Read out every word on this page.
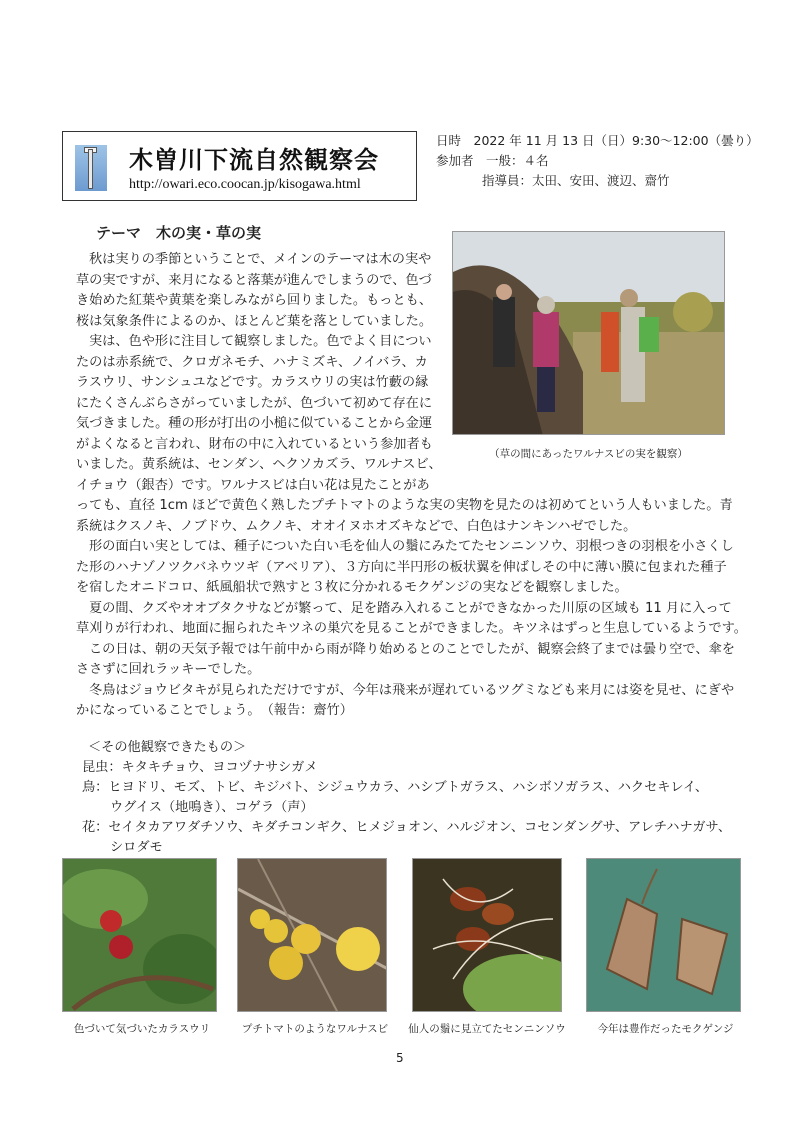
木曽川下流自然観察会
http://owari.eco.coocan.jp/kisogawa.html
日時　2022 年 11 月 13 日（日）9:30～12:00（曇り）
参加者　一般：４名
指導員：太田、安田、渡辺、齋竹
テーマ　木の実・草の実
秋は実りの季節ということで、メインのテーマは木の実や
草の実ですが、来月になると落葉が進んでしまうので、色づ
き始めた紅葉や黄葉を楽しみながら回りました。もっとも、
桜は気象条件によるのか、ほとんど葉を落としていました。
実は、色や形に注目して観察しました。色でよく目につい
たのは赤系統で、クロガネモチ、ハナミズキ、ノイバラ、カ
ラスウリ、サンシュユなどです。カラスウリの実は竹藪の縁
にたくさんぶらさがっていましたが、色づいて初めて存在に
気づきました。種の形が打出の小槌に似ていることから金運
がよくなると言われ、財布の中に入れているという参加者も
いました。黄系統は、センダン、ヘクソカズラ、ワルナスビ、
イチョウ（銀杏）です。ワルナスビは白い花は見たことがあ
（草の間にあったワルナスビの実を観察）
っても、直径 1cm ほどで黄色く熟したプチトマトのような実の実物を見たのは初めてという人もいました。青
系統はクスノキ、ノブドウ、ムクノキ、オオイヌホオズキなどで、白色はナンキンハゼでした。
形の面白い実としては、種子についた白い毛を仙人の鬚にみたてたセンニンソウ、羽根つきの羽根を小さくし
た形のハナゾノツクバネウツギ（アベリア）、３方向に半円形の板状翼を伸ばしその中に薄い膜に包まれた種子
を宿したオニドコロ、紙風船状で熟すと３枚に分かれるモクゲンジの実などを観察しました。
夏の間、クズやオオブタクサなどが繁って、足を踏み入れることができなかった川原の区域も 11 月に入って
草刈りが行われ、地面に掘られたキツネの巣穴を見ることができました。キツネはずっと生息しているようです。
この日は、朝の天気予報では午前中から雨が降り始めるとのことでしたが、観察会終了までは曇り空で、傘を
ささずに回れラッキーでした。
冬鳥はジョウビタキが見られただけですが、今年は飛来が遅れているツグミなども来月には姿を見せ、にぎや
かになっていることでしょう。　（報告：齋竹）
＜その他観察できたもの＞
昆虫：キタキチョウ、ヨコヅナサシガメ
鳥：ヒヨドリ、モズ、トビ、キジバト、シジュウカラ、ハシブトガラス、ハシボソガラス、ハクセキレイ、
ウグイス（地鳴き）、コゲラ（声）
花：セイタカアワダチソウ、キダチコンギク、ヒメジョオン、ハルジオン、コセンダングサ、アレチハナガサ、
シロダモ
色づいて気づいたカラスウリ	プチトマトのようなワルナスビ	仙人の鬚に見立てたセンニンソウ	今年は豊作だったモクゲンジ
5
